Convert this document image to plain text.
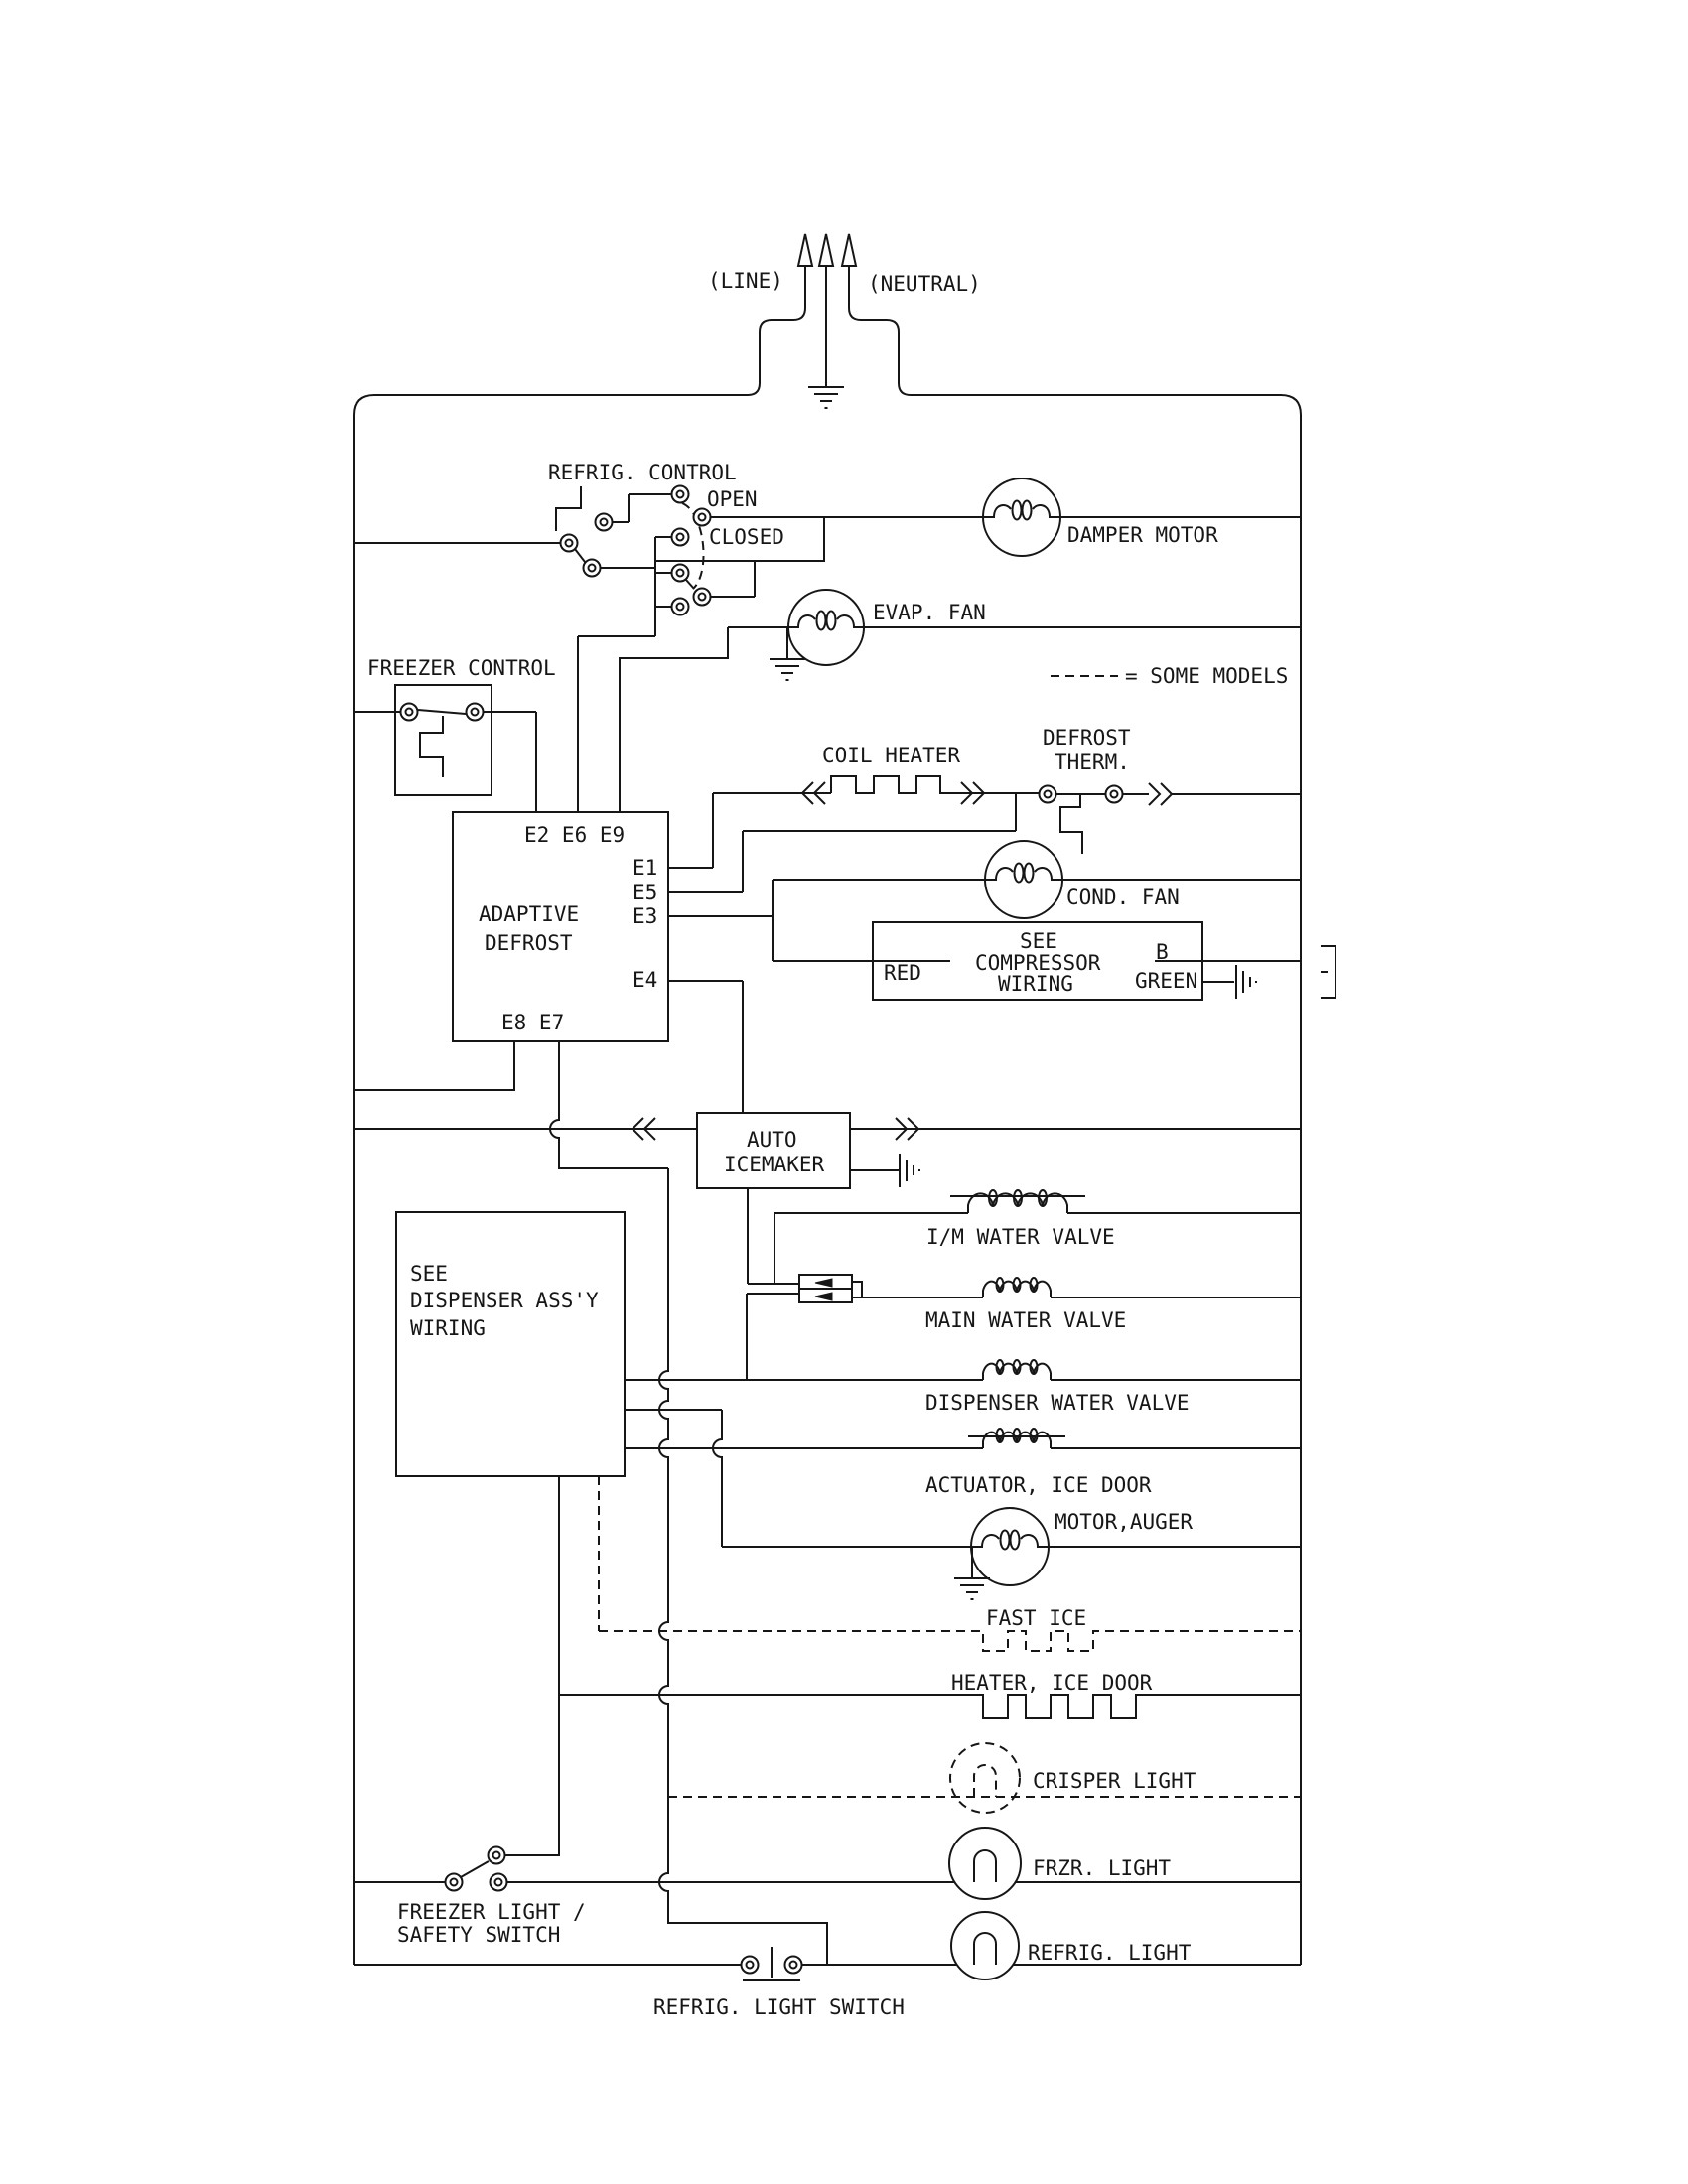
(LINE)	(NEUTRAL)
REFRIG. CONTROL
OPEN
CLOSED	DAMPER MOTOR
EVAP. FAN
= SOME MODELS
FREEZER CONTROL
COIL HEATER
DEFROST
THERM.
E2 E6 E9
E1
E5
E3
E4
E8 E7
ADAPTIVE
DEFROST
COND. FAN
SEE
COMPRESSOR
WIRING
RED
B
GREEN
AUTO
ICEMAKER
I/M WATER VALVE
MAIN WATER VALVE
SEE
DISPENSER ASS'Y
WIRING
DISPENSER WATER VALVE
ACTUATOR, ICE DOOR
MOTOR,AUGER
FAST ICE
HEATER, ICE DOOR
CRISPER LIGHT
FREEZER LIGHT /
SAFETY SWITCH
FRZR. LIGHT
REFRIG. LIGHT SWITCH
REFRIG. LIGHT
